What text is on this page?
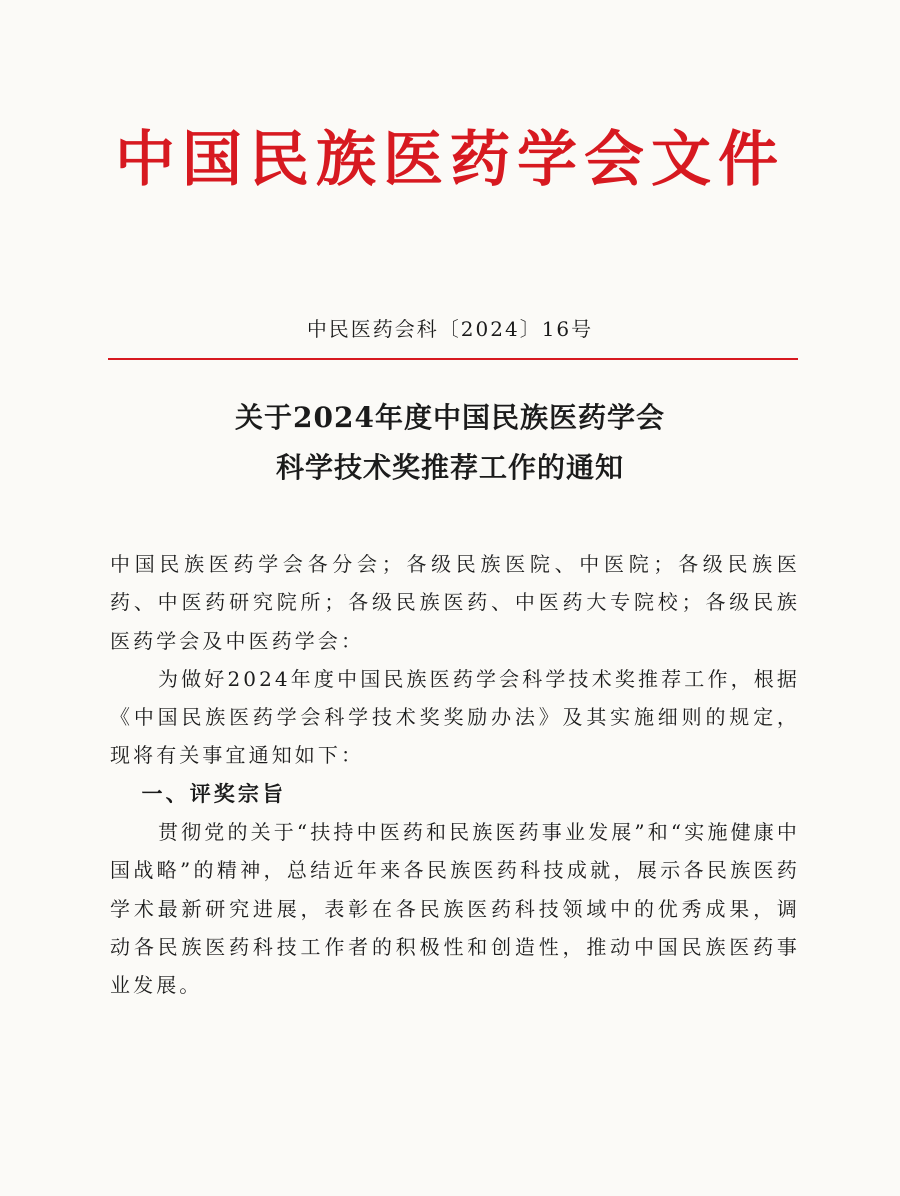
中国民族医药学会文件
中民医药会科〔2024〕16号
关于2024年度中国民族医药学会
科学技术奖推荐工作的通知

中国民族医药学会各分会；各级民族医院、中医院；各级民族医药、中医药研究院所；各级民族医药、中医药大专院校；各级民族医药学会及中医药学会：

为做好2024年度中国民族医药学会科学技术奖推荐工作，根据《中国民族医药学会科学技术奖奖励办法》及其实施细则的规定，现将有关事宜通知如下：

一、评奖宗旨

贯彻党的关于“扶持中医药和民族医药事业发展”和“实施健康中国战略”的精神，总结近年来各民族医药科技成就，展示各民族医药学术最新研究进展，表彰在各民族医药科技领域中的优秀成果，调动各民族医药科技工作者的积极性和创造性，推动中国民族医药事业发展。
